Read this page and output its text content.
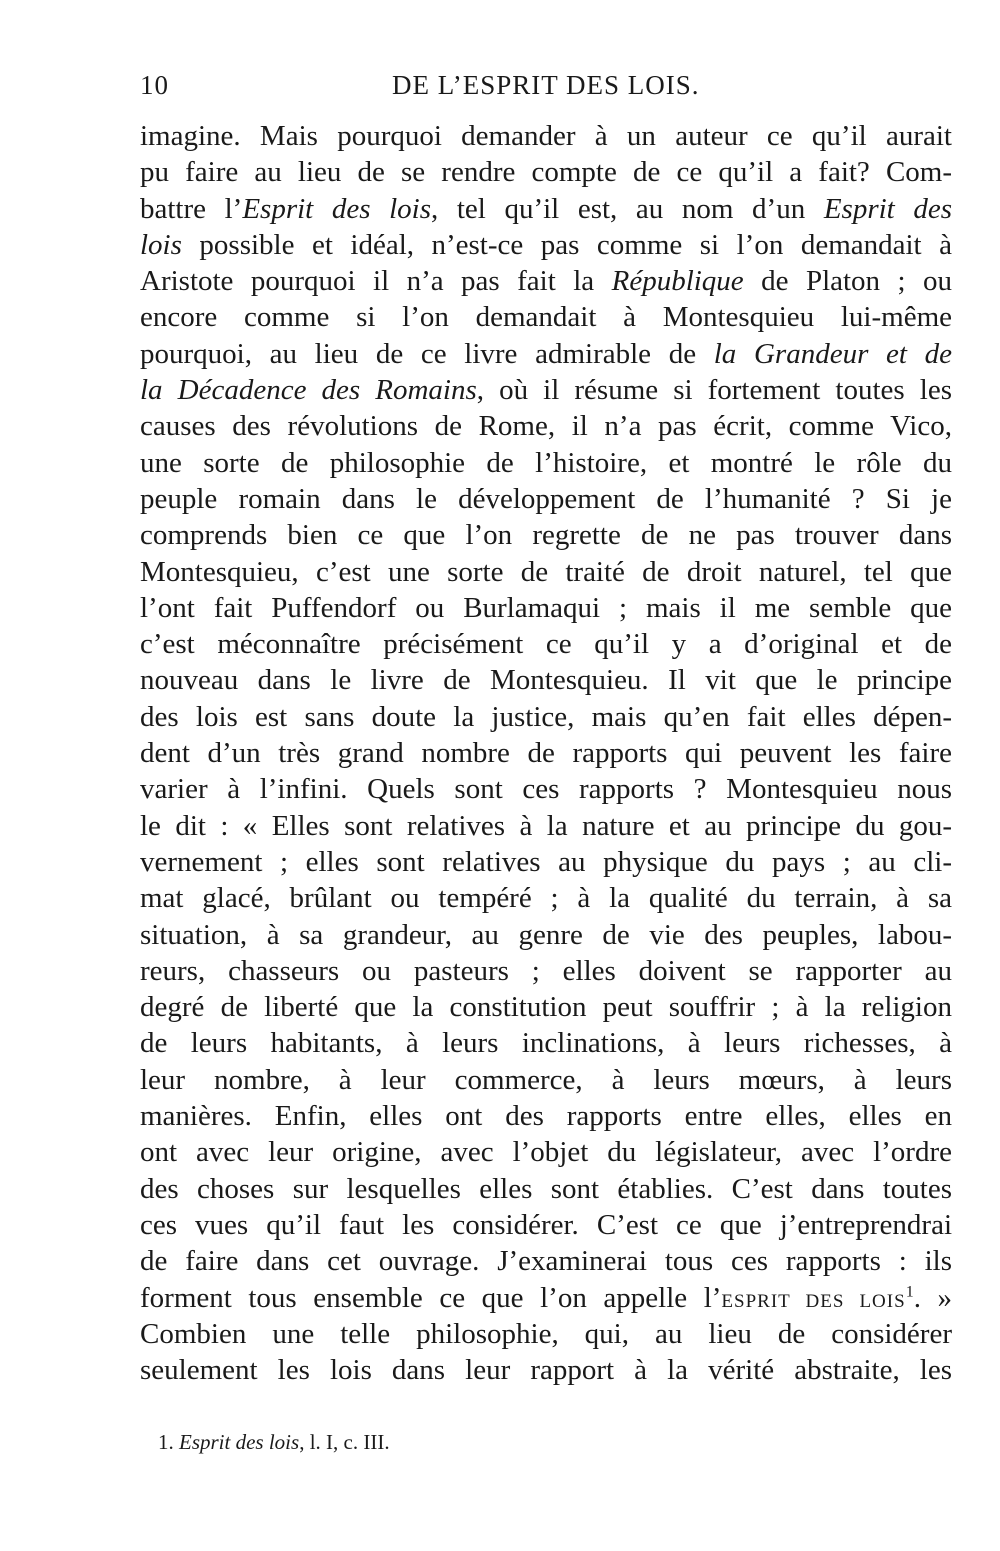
10	DE L’ESPRIT DES LOIS.
imagine. Mais pourquoi demander à un auteur ce qu’il aurait
pu faire au lieu de se rendre compte de ce qu’il a fait? Com-
battre l’Esprit des lois, tel qu’il est, au nom d’un Esprit des
lois possible et idéal, n’est-ce pas comme si l’on demandait à
Aristote pourquoi il n’a pas fait la République de Platon ; ou
encore comme si l’on demandait à Montesquieu lui-même
pourquoi, au lieu de ce livre admirable de la Grandeur et de
la Décadence des Romains, où il résume si fortement toutes les
causes des révolutions de Rome, il n’a pas écrit, comme Vico,
une sorte de philosophie de l’histoire, et montré le rôle du
peuple romain dans le développement de l’humanité ? Si je
comprends bien ce que l’on regrette de ne pas trouver dans
Montesquieu, c’est une sorte de traité de droit naturel, tel que
l’ont fait Puffendorf ou Burlamaqui ; mais il me semble que
c’est méconnaître précisément ce qu’il y a d’original et de
nouveau dans le livre de Montesquieu. Il vit que le principe
des lois est sans doute la justice, mais qu’en fait elles dépen-
dent d’un très grand nombre de rapports qui peuvent les faire
varier à l’infini. Quels sont ces rapports ? Montesquieu nous
le dit : « Elles sont relatives à la nature et au principe du gou-
vernement ; elles sont relatives au physique du pays ; au cli-
mat glacé, brûlant ou tempéré ; à la qualité du terrain, à sa
situation, à sa grandeur, au genre de vie des peuples, labou-
reurs, chasseurs ou pasteurs ; elles doivent se rapporter au
degré de liberté que la constitution peut souffrir ; à la religion
de leurs habitants, à leurs inclinations, à leurs richesses, à
leur nombre, à leur commerce, à leurs mœurs, à leurs
manières. Enfin, elles ont des rapports entre elles, elles en
ont avec leur origine, avec l’objet du législateur, avec l’ordre
des choses sur lesquelles elles sont établies. C’est dans toutes
ces vues qu’il faut les considérer. C’est ce que j’entreprendrai
de faire dans cet ouvrage. J’examinerai tous ces rapports : ils
forment tous ensemble ce que l’on appelle l’ESPRIT DES LOIS$^1$. »
Combien une telle philosophie, qui, au lieu de considérer
seulement les lois dans leur rapport à la vérité abstraite, les
1. Esprit des lois, l. I, c. III.
